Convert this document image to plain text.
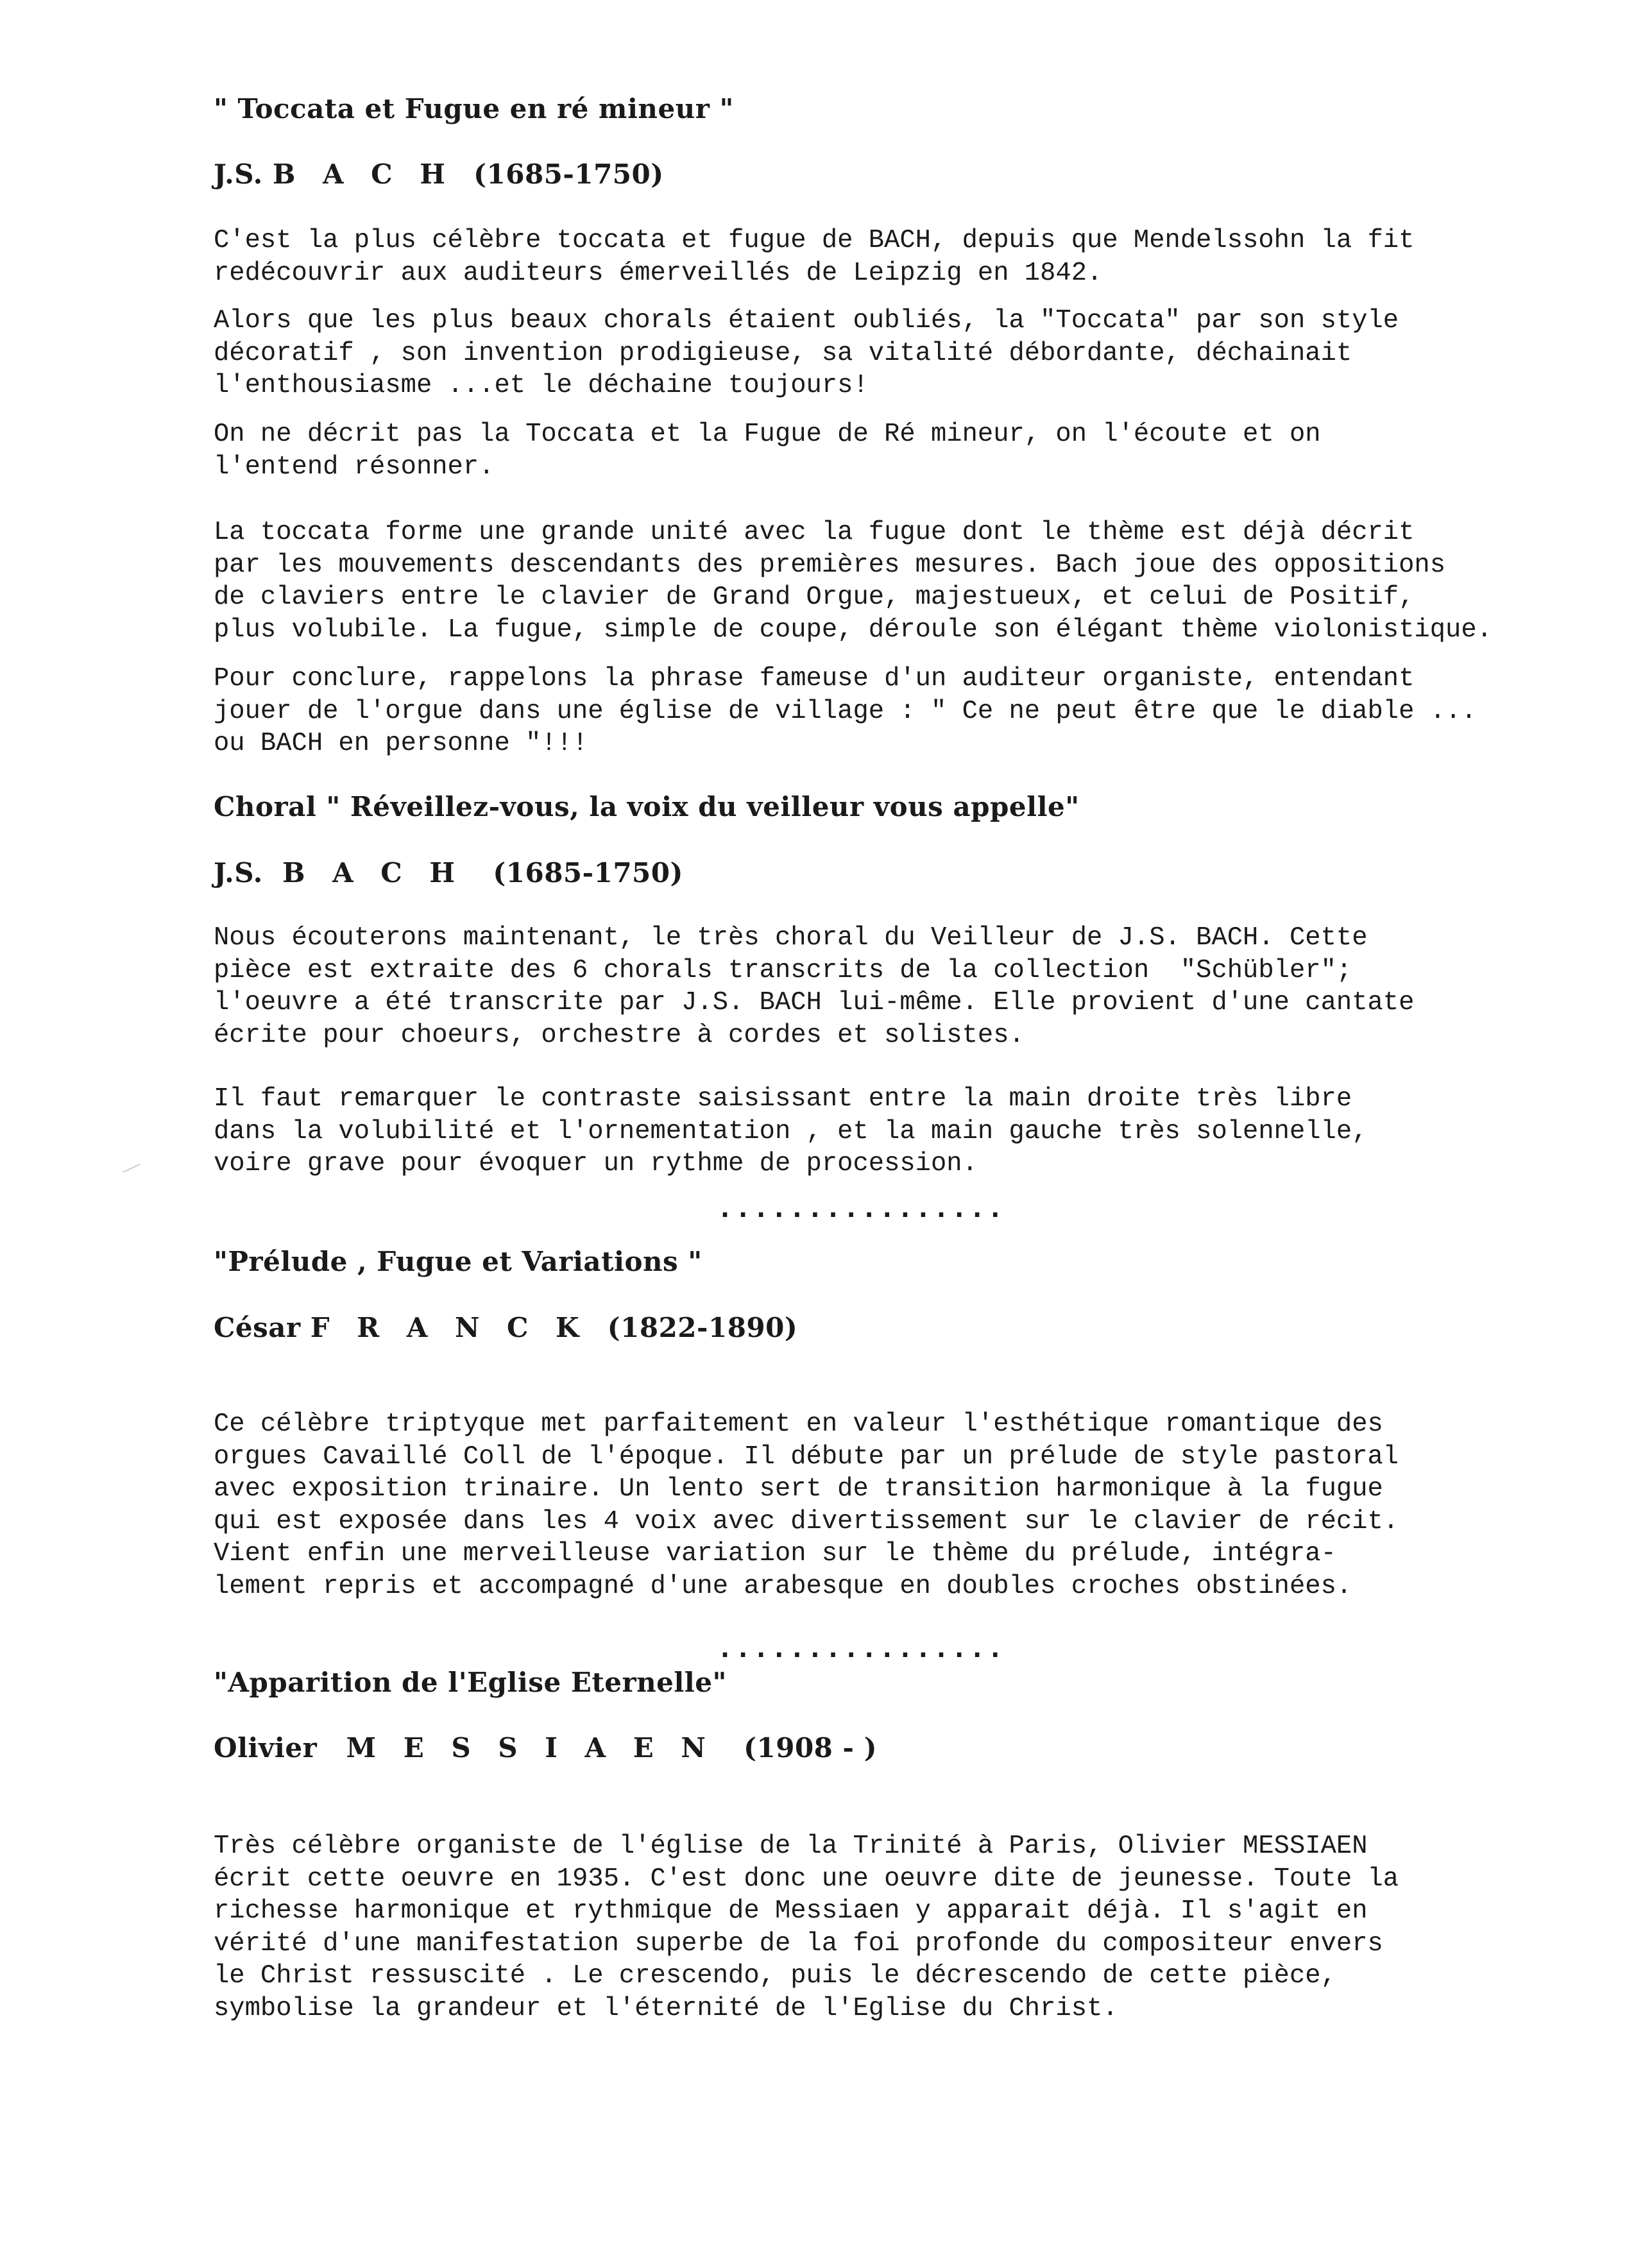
" Toccata et Fugue en ré mineur "
J.S. B A C H (1685-1750)
C'est la plus célèbre toccata et fugue de BACH, depuis que Mendelssohn la fit
redécouvrir aux auditeurs émerveillés de Leipzig en 1842.
Alors que les plus beaux chorals étaient oubliés, la "Toccata" par son style
décoratif , son invention prodigieuse, sa vitalité débordante, déchainait
l'enthousiasme ...et le déchaine toujours!
On ne décrit pas la Toccata et la Fugue de Ré mineur, on l'écoute et on
l'entend résonner.
La toccata forme une grande unité avec la fugue dont le thème est déjà décrit
par les mouvements descendants des premières mesures. Bach joue des oppositions
de claviers entre le clavier de Grand Orgue, majestueux, et celui de Positif,
plus volubile. La fugue, simple de coupe, déroule son élégant thème violonistique.
Pour conclure, rappelons la phrase fameuse d'un auditeur organiste, entendant
jouer de l'orgue dans une église de village : " Ce ne peut être que le diable ...
ou BACH en personne "!!!
Choral " Réveillez-vous, la voix du veilleur vous appelle"
J.S. B A C H (1685-1750)
Nous écouterons maintenant, le très choral du Veilleur de J.S. BACH. Cette
pièce est extraite des 6 chorals transcrits de la collection  "Schübler";
l'oeuvre a été transcrite par J.S. BACH lui-même. Elle provient d'une cantate
écrite pour choeurs, orchestre à cordes et solistes.
Il faut remarquer le contraste saisissant entre la main droite très libre
dans la volubilité et l'ornementation , et la main gauche très solennelle,
voire grave pour évoquer un rythme de procession.
.....
"Prélude , Fugue et Variations "
César F R A N C K (1822-1890)
Ce célèbre triptyque met parfaitement en valeur l'esthétique romantique des
orgues Cavaillé Coll de l'époque. Il débute par un prélude de style pastoral
avec exposition trinaire. Un lento sert de transition harmonique à la fugue
qui est exposée dans les 4 voix avec divertissement sur le clavier de récit.
Vient enfin une merveilleuse variation sur le thème du prélude, intégra-
lement repris et accompagné d'une arabesque en doubles croches obstinées.
.....
"Apparition de l'Eglise Eternelle"
Olivier M E S S I A E N (1908 - )
Très célèbre organiste de l'église de la Trinité à Paris, Olivier MESSIAEN
écrit cette oeuvre en 1935. C'est donc une oeuvre dite de jeunesse. Toute la
richesse harmonique et rythmique de Messiaen y apparait déjà. Il s'agit en
vérité d'une manifestation superbe de la foi profonde du compositeur envers
le Christ ressuscité . Le crescendo, puis le décrescendo de cette pièce,
symbolise la grandeur et l'éternité de l'Eglise du Christ.
